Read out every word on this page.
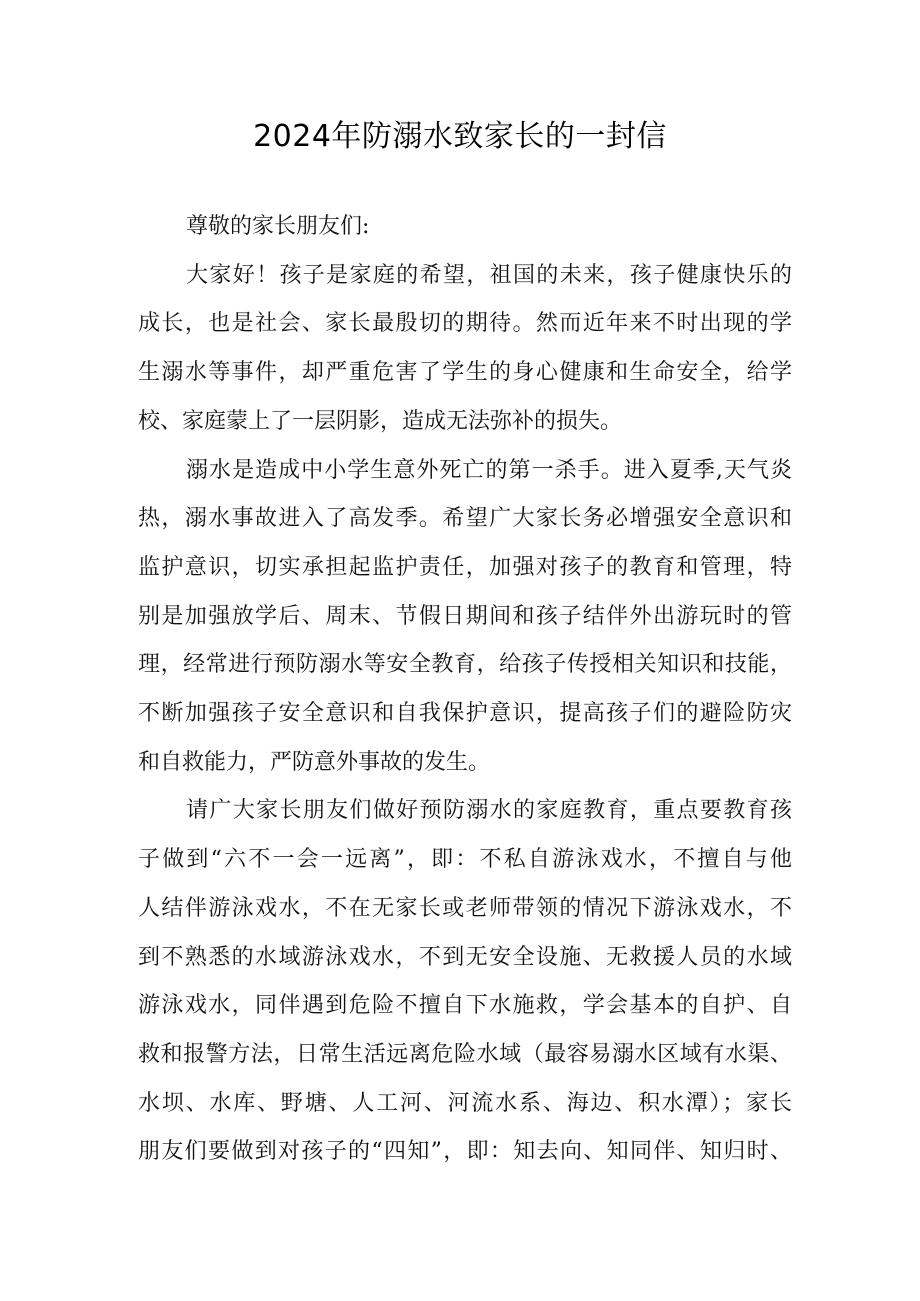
2024年防溺水致家长的一封信

尊敬的家长朋友们:

大家好！孩子是家庭的希望，祖国的未来，孩子健康快乐的

成长，也是社会、家长最殷切的期待。然而近年来不时出现的学

生溺水等事件，却严重危害了学生的身心健康和生命安全，给学

校、家庭蒙上了一层阴影，造成无法弥补的损失。

溺水是造成中小学生意外死亡的第一杀手。进入夏季,天气炎

热，溺水事故进入了高发季。希望广大家长务必增强安全意识和

监护意识，切实承担起监护责任，加强对孩子的教育和管理，特

别是加强放学后、周末、节假日期间和孩子结伴外出游玩时的管

理，经常进行预防溺水等安全教育，给孩子传授相关知识和技能，

不断加强孩子安全意识和自我保护意识，提高孩子们的避险防灾

和自救能力，严防意外事故的发生。

请广大家长朋友们做好预防溺水的家庭教育，重点要教育孩

子做到“六不一会一远离”，即：不私自游泳戏水，不擅自与他

人结伴游泳戏水，不在无家长或老师带领的情况下游泳戏水，不

到不熟悉的水域游泳戏水，不到无安全设施、无救援人员的水域

游泳戏水，同伴遇到危险不擅自下水施救，学会基本的自护、自

救和报警方法，日常生活远离危险水域（最容易溺水区域有水渠、

水坝、水库、野塘、人工河、河流水系、海边、积水潭）；家长

朋友们要做到对孩子的“四知”，即：知去向、知同伴、知归时、
